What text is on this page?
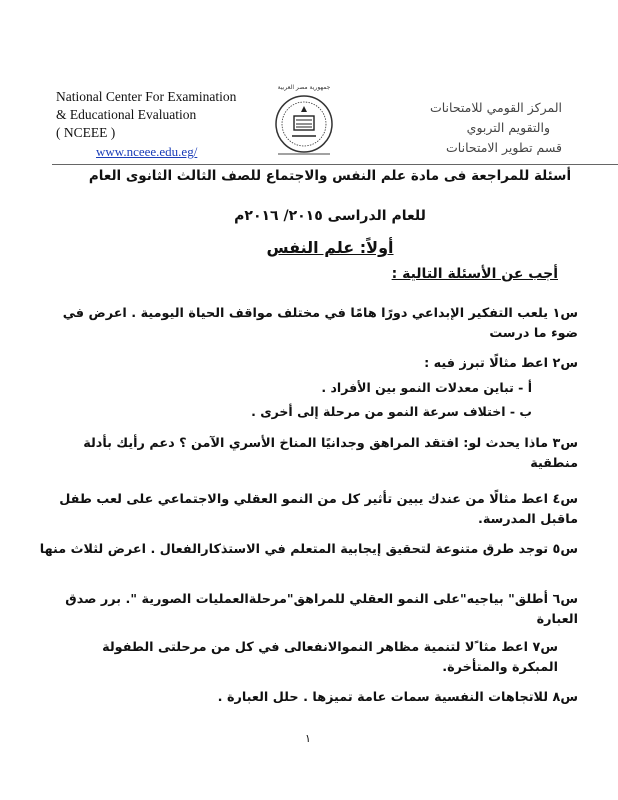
National Center For Examination
& Educational Evaluation
( NCEEE )
www.nceee.edu.eg/
جمهورية مصر العربية
المركز القومي للامتحانات
والتقويم التربوي
قسم تطوير الامتحانات
أسئلة للمراجعة فى مادة علم النفس والاجتماع للصف الثالث الثانوى العام
للعام الدراسى ٢٠١٥/ ٢٠١٦م
أولاً: علم النفس
أجب عن الأسئلة التالية :
س١ يلعب التفكير الإبداعي دورًا هامًا في مختلف مواقف الحياة اليومية . اعرض في ضوء ما درست
س٢ اعط مثالًا تبرز فيه :
أ - تباين معدلات النمو بين الأفراد .
ب - اختلاف سرعة النمو من مرحلة إلى أخرى .
س٣ ماذا يحدث لو: افتقد المراهق وجدانيًا المناخ الأسري الآمن ؟ دعم رأيك بأدلة منطقية
س٤ اعط مثالًا من عندك يبين تأثير كل من النمو العقلي والاجتماعي على لعب طفل ماقبل المدرسة.
س٥ توجد طرق متنوعة لتحقيق إيجابية المتعلم في الاستذكارالفعال . اعرض لثلاث منها
س٦ أطلق" بياجيه"على النمو العقلي للمراهق"مرحلةالعمليات الصورية ". برر صدق العبارة
س٧ اعط مثا ًلا لتنمية مظاهر النموالانفعالى في كل من مرحلتى الطفولة المبكرة والمتأخرة.
س٨ للاتجاهات النفسية سمات عامة تميزها . حلل العبارة .
١
